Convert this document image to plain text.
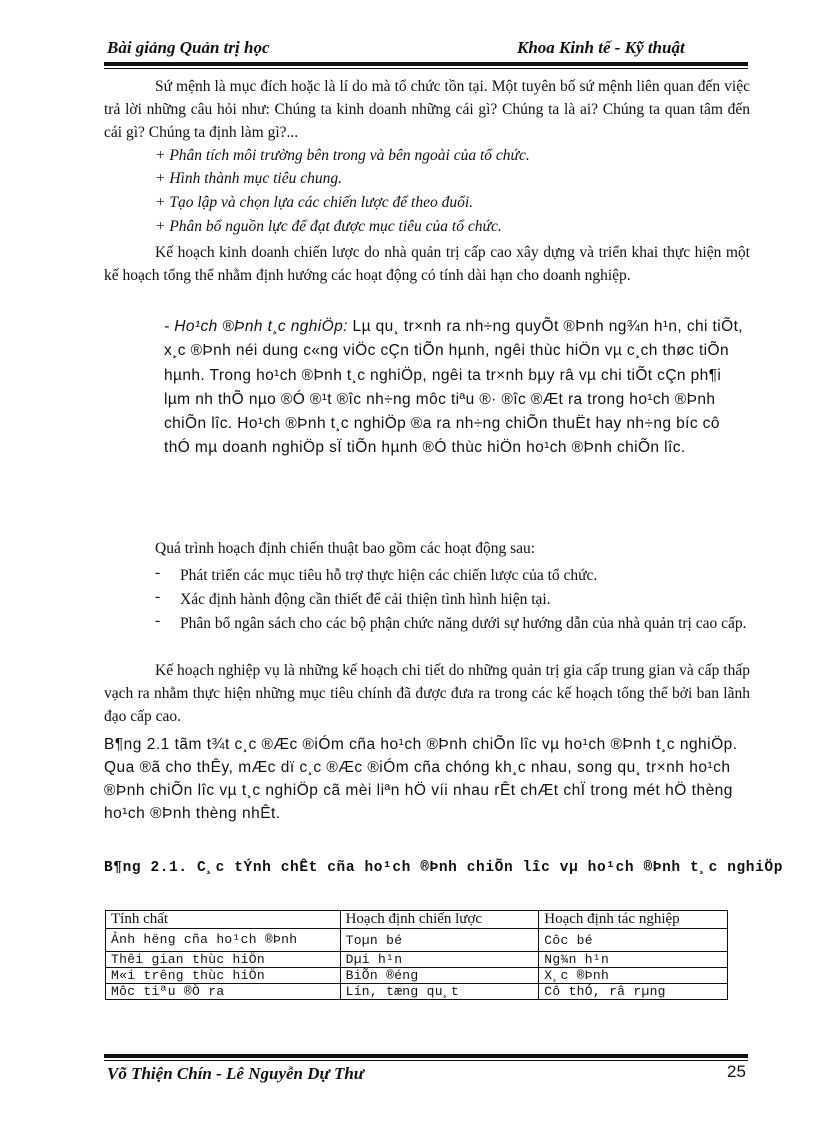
Bài giảng Quản trị học	Khoa Kinh tế - Kỹ thuật

Sứ mệnh là mục đích hoặc là lí do mà tổ chức tồn tại. Một tuyên bố sứ mệnh liên quan đến việc trả lời những câu hỏi như: Chúng ta kinh doanh những cái gì? Chúng ta là ai? Chúng ta quan tâm đến cái gì? Chúng ta định làm gì?...

+ Phân tích môi trường bên trong và bên ngoài của tổ chức.
+ Hình thành mục tiêu chung.
+ Tạo lập và chọn lựa các chiến lược để theo đuổi.
+ Phân bổ nguồn lực để đạt được mục tiêu của tổ chức.

Kế hoạch kinh doanh chiến lược do nhà quản trị cấp cao xây dựng và triển khai thực hiện một kế hoạch tổng thể nhằm định hướng các hoạt động có tính dài hạn cho doanh nghiệp.

- Ho¹ch ®Þnh t¸c nghiÖp: Lµ qu¸ tr×nh ra nh÷ng quyÕt ®Þnh ng¾n h¹n, chi tiÕt, x¸c ®Þnh néi dung c«ng viÖc cÇn tiÕn hµnh, ngêi thùc hiÖn vµ c¸ch thøc tiÕn hµnh. Trong ho¹ch ®Þnh t¸c nghiÖp, ngêi ta tr×nh bµy râ vµ chi tiÕt cÇn ph¶i lµm nh thÕ nµo ®Ó ®¹t ®îc nh÷ng môc tiªu ®· ®îc ®Æt ra trong ho¹ch ®Þnh chiÕn lîc. Ho¹ch ®Þnh t¸c nghiÖp ®a ra nh÷ng chiÕn thuËt hay nh÷ng bíc cô thÓ mµ doanh nghiÖp sÏ tiÕn hµnh ®Ó thùc hiÖn ho¹ch ®Þnh chiÕn lîc.

Quá trình hoạch định chiến thuật bao gồm các hoạt động sau:
- Phát triển các mục tiêu hỗ trợ thực hiện các chiến lược của tổ chức.

- Xác định hành động cần thiết để cải thiện tình hình hiện tại.

- Phân bổ ngân sách cho các bộ phận chức năng dưới sự hướng dẫn của nhà quản trị cao cấp.

Kế hoạch nghiệp vụ là những kế hoạch chi tiết do những quản trị gia cấp trung gian và cấp thấp vạch ra nhằm thực hiện những mục tiêu chính đã được đưa ra trong các kế hoạch tổng thể bởi ban lãnh đạo cấp cao.

B¶ng 2.1 tãm t¾t c¸c ®Æc ®iÓm cña ho¹ch ®Þnh chiÕn lîc vµ ho¹ch ®Þnh t¸c nghiÖp. Qua ®ã cho thÊy, mÆc dï c¸c ®Æc ®iÓm cña chóng kh¸c nhau, song qu¸ tr×nh ho¹ch ®Þnh chiÕn lîc vµ t¸c nghiÖp cã mèi liªn hÖ víi nhau rÊt chÆt chÏ trong mét hÖ thèng ho¹ch ®Þnh thèng nhÊt.

B¶ng 2.1. C¸c tÝnh chÊt cña ho¹ch ®Þnh chiÕn lîc vµ ho¹ch ®Þnh t¸c nghiÖp

Tính chất	Hoạch định chiến lược	Hoạch định tác nghiệp
Ảnh hëng cña ho¹ch ®Þnh	Toµn bé	Côc bé
Thêi gian thùc hiÖn	Dµi h¹n	Ng¾n h¹n
M«i trêng thùc hiÖn	BiÕn ®éng	X¸c ®Þnh
Môc tiªu ®Ò ra	Lín, tæng qu¸t	Cô thÓ, râ rµng
Võ Thiện Chín - Lê Nguyễn Dự Thư	25
